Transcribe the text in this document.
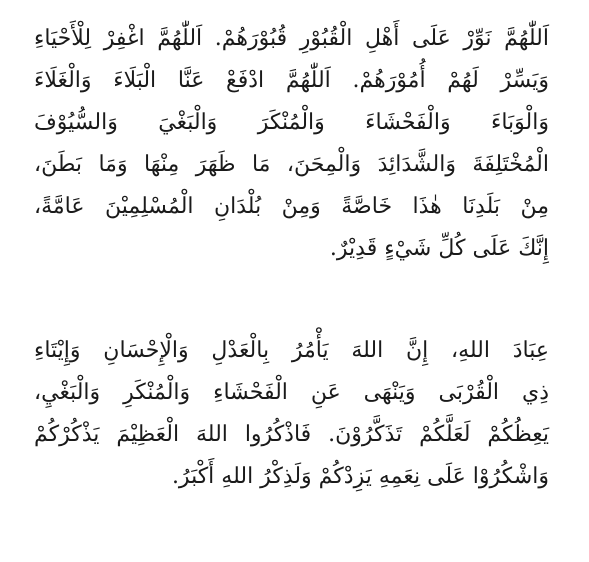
اَللّٰهُمَّ نَوِّرْ عَلَى أَهْلِ الْقُبُوْرِ قُبُوْرَهُمْ. اَللّٰهُمَّ اغْفِرْ لِلْأَحْيَاءِ
وَيَسِّرْ لَهُمْ أُمُوْرَهُمْ. اَللّٰهُمَّ ادْفَعْ عَنَّا الْبَلَاءَ وَالْغَلَاءَ
وَالْوَبَاءَ وَالْفَحْشَاءَ وَالْمُنْكَرَ وَالْبَغْيَ وَالسُّيُوْفَ
الْمُخْتَلِفَةَ وَالشَّدَائِدَ وَالْمِحَنَ، مَا ظَهَرَ مِنْهَا وَمَا بَطَنَ،
مِنْ بَلَدِنَا هٰذَا خَاصَّةً وَمِنْ بُلْدَانِ الْمُسْلِمِيْنَ عَامَّةً،
إِنَّكَ عَلَى كُلِّ شَيْءٍ قَدِيْرٌ.
عِبَادَ اللهِ، إِنَّ اللهَ يَأْمُرُ بِالْعَدْلِ وَالْإِحْسَانِ وَإِيْتَاءِ
ذِي الْقُرْبَى وَيَنْهَى عَنِ الْفَحْشَاءِ وَالْمُنْكَرِ وَالْبَغْيِ،
يَعِظُكُمْ لَعَلَّكُمْ تَذَكَّرُوْنَ. فَاذْكُرُوا اللهَ الْعَظِيْمَ يَذْكُرْكُمْ
وَاشْكُرُوْا عَلَى نِعَمِهِ يَزِدْكُمْ وَلَذِكْرُ اللهِ أَكْبَرُ.
